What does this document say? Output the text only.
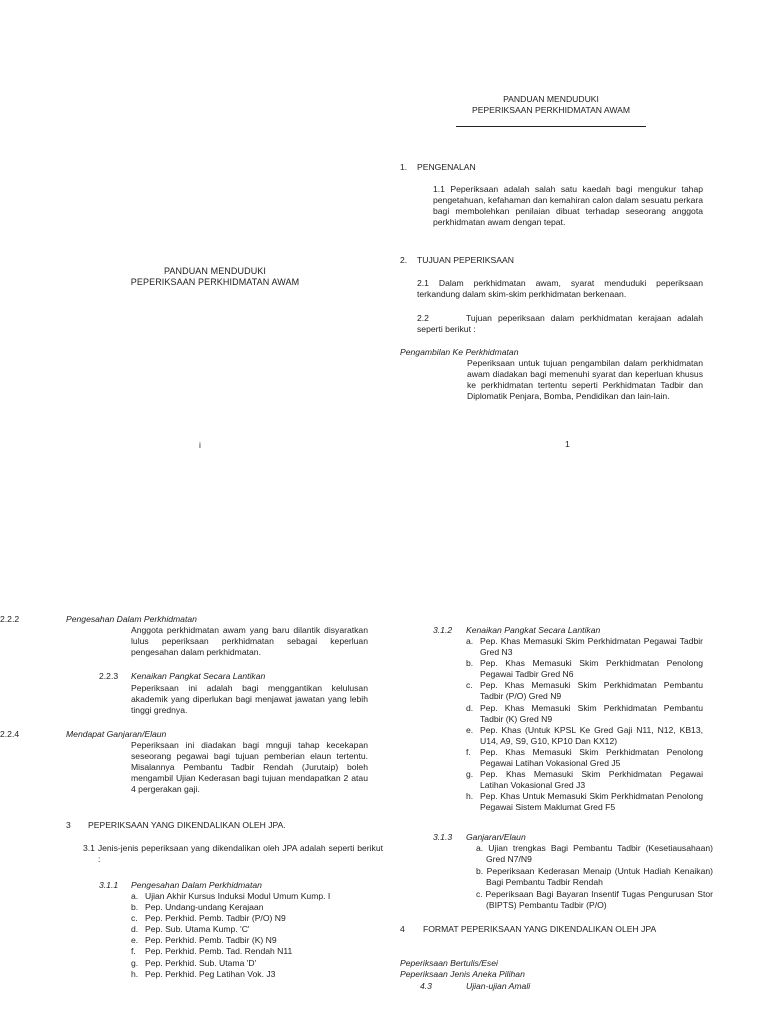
PANDUAN MENDUDUKI
PEPERIKSAAN PERKHIDMATAN AWAM
i
PANDUAN MENDUDUKI
PEPERIKSAAN PERKHIDMATAN AWAM
1. PENGENALAN
1.1 Peperiksaan adalah salah satu kaedah bagi mengukur tahap pengetahuan, kefahaman dan kemahiran calon dalam sesuatu perkara bagi membolehkan penilaian dibuat terhadap seseorang anggota perkhidmatan awam dengan tepat.
2. TUJUAN PEPERIKSAAN
2.1 Dalam perkhidmatan awam, syarat menduduki peperiksaan terkandung dalam skim-skim perkhidmatan berkenaan.
2.2	Tujuan peperiksaan dalam perkhidmatan kerajaan adalah seperti berikut :
Pengambilan Ke Perkhidmatan
Peperiksaan untuk tujuan pengambilan dalam perkhidmatan awam diadakan bagi memenuhi syarat dan keperluan khusus ke perkhidmatan tertentu seperti Perkhidmatan Tadbir dan Diplomatik Penjara, Bomba, Pendidikan dan lain-lain.
1
2.2.2	Pengesahan Dalam Perkhidmatan
Anggota perkhidmatan awam yang baru dilantik disyaratkan lulus peperiksaan perkhidmatan sebagai keperluan pengesahan dalam perkhidmatan.
2.2.3 Kenaikan Pangkat Secara Lantikan
Peperiksaan ini adalah bagi menggantikan kelulusan akademik yang diperlukan bagi menjawat jawatan yang lebih tinggi grednya.
2.2.4	Mendapat Ganjaran/Elaun
Peperiksaan ini diadakan bagi mnguji tahap kecekapan seseorang pegawai bagi tujuan pemberian elaun tertentu. Misalannya Pembantu Tadbir Rendah (Jurutaip) boleh mengambil Ujian Kederasan bagi tujuan mendapatkan 2 atau 4 pergerakan gaji.
3 PEPERIKSAAN YANG DIKENDALIKAN OLEH JPA.
3.1 Jenis-jenis peperiksaan yang dikendalikan oleh JPA adalah seperti berikut :
3.1.1 Pengesahan Dalam Perkhidmatan
a. Ujian Akhir Kursus Induksi Modul Umum Kump. I
b. Pep. Undang-undang Kerajaan
c. Pep. Perkhid. Pemb. Tadbir (P/O) N9
d. Pep. Sub. Utama Kump. 'C'
e. Pep. Perkhid. Pemb. Tadbir (K) N9
f.	Pep. Perkhid. Pemb. Tad. Rendah N11
g. Pep. Perkhid. Sub. Utama 'D'
h. Pep. Perkhid. Peg Latihan Vok. J3
3.1.2 Kenaikan Pangkat Secara Lantikan
a. Pep. Khas Memasuki Skim Perkhidmatan Pegawai Tadbir Gred N3
b. Pep. Khas Memasuki Skim Perkhidmatan Penolong Pegawai Tadbir Gred N6
c. Pep. Khas Memasuki Skim Perkhidmatan Pembantu Tadbir (P/O) Gred N9
d. Pep. Khas Memasuki Skim Perkhidmatan Pembantu Tadbir (K) Gred N9
e. Pep. Khas (Untuk KPSL Ke Gred Gaji N11, N12, KB13, U14, A9, S9, G10, KP10 Dan KX12)
f.	Pep. Khas Memasuki Skim Perkhidmatan Penolong Pegawai Latihan Vokasional Gred J5
g. Pep. Khas Memasuki Skim Perkhidmatan Pegawai Latihan Vokasional Gred J3
h. Pep. Khas Untuk Memasuki Skim Perkhidmatan Penolong Pegawai Sistem Maklumat Gred F5
3.1.3 Ganjaran/Elaun
a. Ujian trengkas Bagi Pembantu Tadbir (Kesetiausahaan) Gred N7/N9
b. Peperiksaan Kederasan Menaip (Untuk Hadiah Kenaikan) Bagi Pembantu Tadbir Rendah
c. Peperiksaan Bagi Bayaran Insentif Tugas Pengurusan Stor (BIPTS) Pembantu Tadbir (P/O)
4 FORMAT PEPERIKSAAN YANG DIKENDALIKAN OLEH JPA
Peperiksaan Bertulis/Esei
Peperiksaan Jenis Aneka Pilihan
4.3	Ujian-ujian Amali
